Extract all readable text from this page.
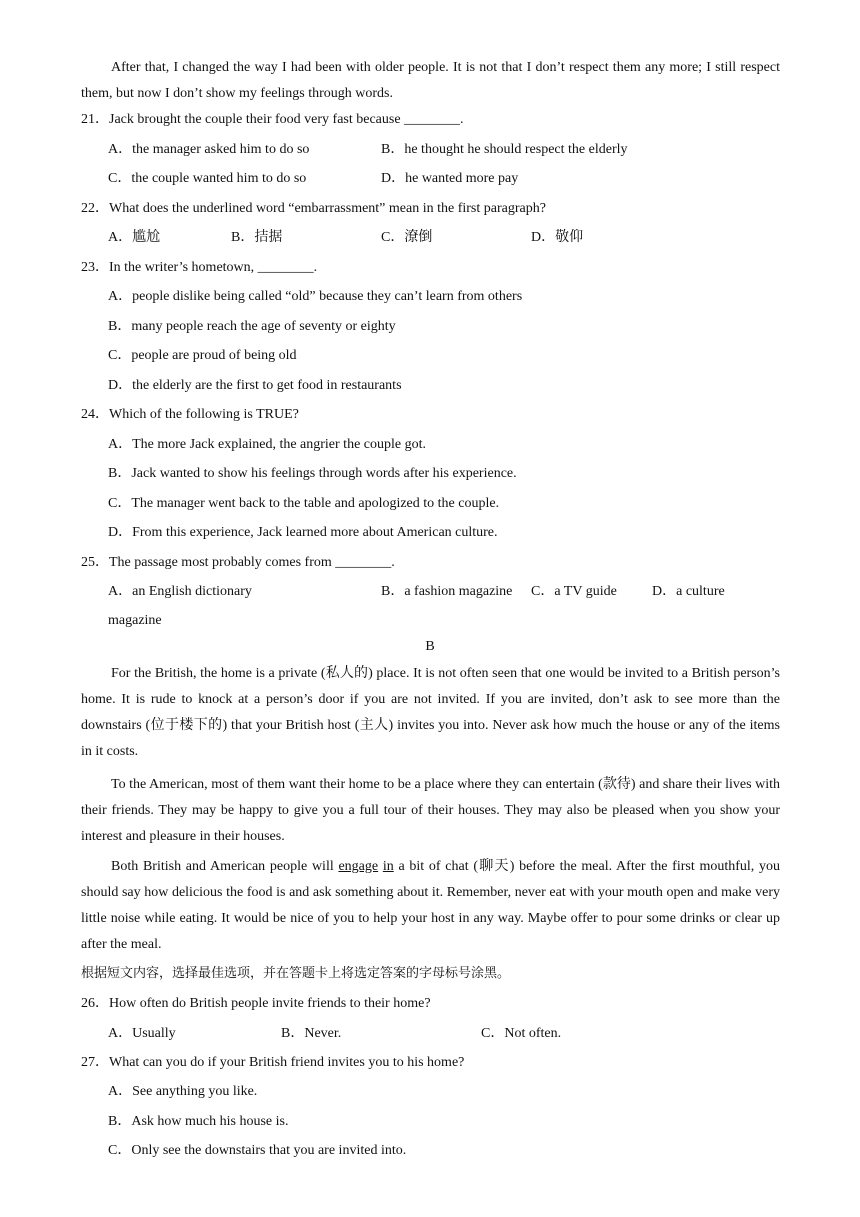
After that, I changed the way I had been with older people. It is not that I don’t respect them any more; I still respect them, but now I don’t show my feelings through words.
21．Jack brought the couple their food very fast because ________.
A．the manager asked him to do so	B．he thought he should respect the elderly
C．the couple wanted him to do so	D．he wanted more pay
22．What does the underlined word “embarrassment” mean in the first paragraph?
A．尴尬	B．拮据	C．潦倒	D．敬仰
23．In the writer’s hometown, ________.
A．people dislike being called “old” because they can’t learn from others
B．many people reach the age of seventy or eighty
C．people are proud of being old
D．the elderly are the first to get food in restaurants
24．Which of the following is TRUE?
A．The more Jack explained, the angrier the couple got.
B．Jack wanted to show his feelings through words after his experience.
C．The manager went back to the table and apologized to the couple.
D．From this experience, Jack learned more about American culture.
25．The passage most probably comes from ________.
A．an English dictionary	B．a fashion magazine C．a TV guide	D．a culture
magazine
B
For the British, the home is a private (私人的) place. It is not often seen that one would be invited to a British person’s home. It is rude to knock at a person’s door if you are not invited. If you are invited, don’t ask to see more than the downstairs (位于楼下的) that your British host (主人) invites you into. Never ask how much the house or any of the items in it costs.
To the American, most of them want their home to be a place where they can entertain (款待) and share their lives with their friends. They may be happy to give you a full tour of their houses. They may also be pleased when you show your interest and pleasure in their houses.
Both British and American people will engage in a bit of chat (聊天) before the meal. After the first mouthful, you should say how delicious the food is and ask something about it. Remember, never eat with your mouth open and make very little noise while eating. It would be nice of you to help your host in any way. Maybe offer to pour some drinks or clear up after the meal.
根据短文内容，选择最佳选项，并在答题卡上将选定答案的字母标号涂黑。
26．How often do British people invite friends to their home?
A．Usually	B．Never.	C．Not often.
27．What can you do if your British friend invites you to his home?
A．See anything you like.
B．Ask how much his house is.
C．Only see the downstairs that you are invited into.
